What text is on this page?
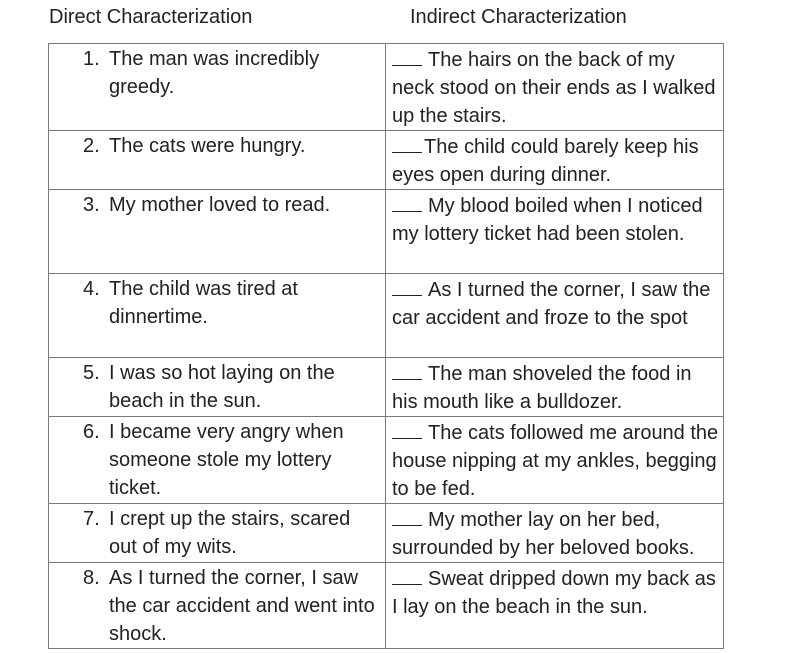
Direct Characterization	Indirect Characterization
1. The man was incredibly greedy.	The hairs on the back of my neck stood on their ends as I walked up the stairs.

2. The cats were hungry.	The child could barely keep his eyes open during dinner.

3. My mother loved to read.	My blood boiled when I noticed my lottery ticket had been stolen.

4. The child was tired at dinnertime.	As I turned the corner, I saw the car accident and froze to the spot

5. I was so hot laying on the beach in the sun.	The man shoveled the food in his mouth like a bulldozer.

6. I became very angry when someone stole my lottery ticket.	The cats followed me around the house nipping at my ankles, begging to be fed.

7. I crept up the stairs, scared out of my wits.	My mother lay on her bed, surrounded by her beloved books.

8. As I turned the corner, I saw the car accident and went into shock.	Sweat dripped down my back as I lay on the beach in the sun.
